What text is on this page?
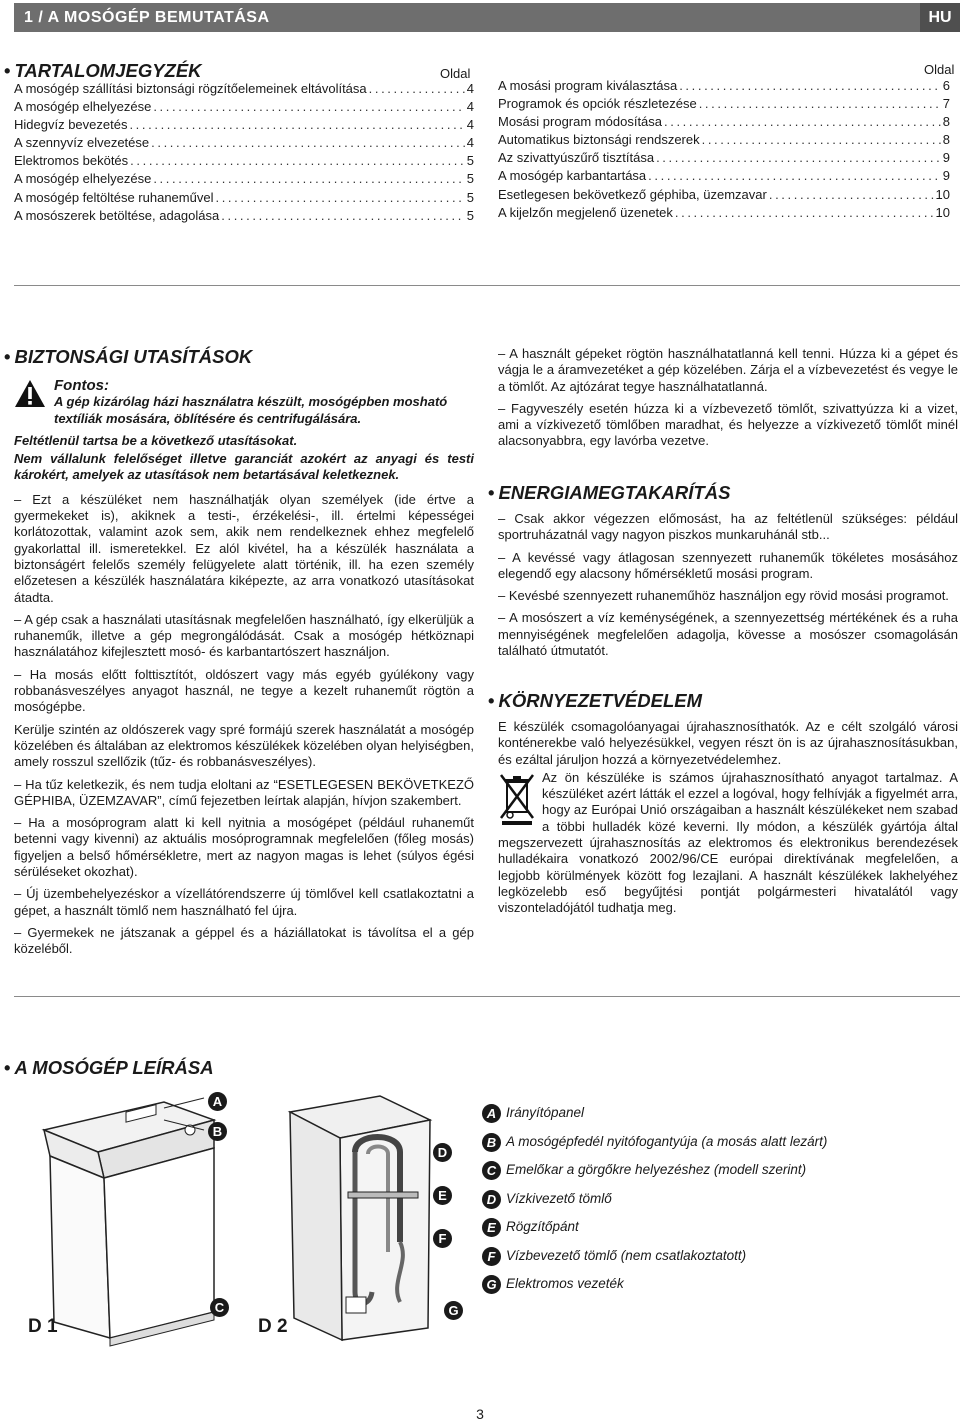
1 / A MOSÓGÉP BEMUTATÁSA	HU
• TARTALOMJEGYZÉK	Oldal	Oldal
A mosógép szállítási biztonsági rögzítőelemeinek eltávolítása . . .	4
A mosógép elhelyezése . . .	4
Hidegvíz bevezetés . . .	4
A szennyvíz elvezetése . . .	4
Elektromos bekötés . . .	5
A mosógép elhelyezése . . .	5
A mosógép feltöltése ruhaneművel . . .	5
A mosószerek betöltése, adagolása . . .	5
A mosási program kiválasztása . . .	6
Programok és opciók részletezése . . .	7
Mosási program módosítása . . .	8
Automatikus biztonsági rendszerek . . .	8
Az szivattyúszűrő tisztítása . . .	9
A mosógép karbantartása . . .	9
Esetlegesen bekövetkező géphiba, üzemzavar . . .	10
A kijelzőn megjelenő üzenetek . . .	10
• BIZTONSÁGI UTASÍTÁSOK
Fontos:

A gép kizárólag házi használatra készült, mosógépben mosható textíliák mosására, öblítésére és centrifugálására.

Feltétlenül tartsa be a következő utasításokat.

Nem vállalunk felelőséget illetve garanciát azokért az anyagi és testi károkért, amelyek az utasítások nem betartásával keletkeznek.

– Ezt a készüléket nem használhatják olyan személyek (ide értve a gyermekeket is), akiknek a testi-, érzékelési-, ill. értelmi képességei korlátozottak, valamint azok sem, akik nem rendelkeznek ehhez megfelelő gyakorlattal ill. ismeretekkel. Ez alól kivétel, ha a készülék használata a biztonságért felelős személy felügyelete alatt történik, ill. ha ezen személy előzetesen a készülék használatára kiképezte, az arra vonatkozó utasításokat átadta.

– A gép csak a használati utasításnak megfelelően használható, így elkerüljük a ruhaneműk, illetve a gép megrongálódását. Csak a mosógép hétköznapi használatához kifejlesztett mosó- és karbantartószert használjon.

– Ha mosás előtt folttisztítót, oldószert vagy más egyéb gyúlékony vagy robbanásveszélyes anyagot használ, ne tegye a kezelt ruhaneműt rögtön a mosógépbe.

Kerülje szintén az oldószerek vagy spré formájú szerek használatát a mosógép közelében és általában az elektromos készülékek közelében olyan helyiségben, amely rosszul szellőzik (tűz- és robbanásveszélyes).

– Ha tűz keletkezik, és nem tudja eloltani az “ESETLEGESEN BEKÖVETKEZŐ GÉPHIBA, ÜZEMZAVAR”, című fejezetben leírtak alapján, hívjon szakembert.

– Ha a mosóprogram alatt ki kell nyitnia a mosógépet (például ruhaneműt betenni vagy kivenni) az aktuális mosóprogramnak megfelelően (főleg mosás) figyeljen a belső hőmérsékletre, mert az nagyon magas is lehet (súlyos égési sérüléseket okozhat).

– Új üzembehelyezéskor a vízellátórendszerre új tömlővel kell csatlakoztatni a gépet, a használt tömlő nem használható fel újra.

– Gyermekek ne játszanak a géppel és a háziállatokat is távolítsa el a gép közeléből.

– A használt gépeket rögtön használhatatlanná kell tenni. Húzza ki a gépet és vágja le a áramvezetéket a gép közelében. Zárja el a vízbevezetést és vegye le a tömlőt. Az ajtózárat tegye használhatatlanná.

– Fagyveszély esetén húzza ki a vízbevezető tömlőt, szivattyúzza ki a vizet, ami a vízkivezető tömlőben maradhat, és helyezze a vízkivezető tömlőt minél alacsonyabbra, egy lavórba vezetve.

• ENERGIAMEGTAKARÍTÁS

– Csak akkor végezzen előmosást, ha az feltétlenül szükséges: például sportruházatnál vagy nagyon piszkos munkaruhánál stb...

– A kevéssé vagy átlagosan szennyezett ruhaneműk tökéletes mosásához elegendő egy alacsony hőmérsékletű mosási program.

– Kevésbé szennyezett ruhaneműhöz használjon egy rövid mosási programot.

– A mosószert a víz keménységének, a szennyezettség mértékének és a ruha mennyiségének megfelelően adagolja, kövesse a mosószer csomagolásán található útmutatót.

• KÖRNYEZETVÉDELEM

E készülék csomagolóanyagai újrahasznosíthatók. Az e célt szolgáló városi konténerekbe való helyezésükkel, vegyen részt ön is az újrahasznosításukban, és ezáltal járuljon hozzá a környezetvédelemhez.

Az ön készüléke is számos újrahasznosítható anyagot tartalmaz. A készüléket azért látták el ezzel a logóval, hogy felhívják a figyelmét arra, hogy az Európai Unió országaiban a használt készülékeket nem szabad a többi hulladék közé keverni. Ily módon, a készülék gyártója által megszervezett újrahasznosítás az elektromos és elektronikus berendezések hulladékaira vonatkozó 2002/96/CE európai direktívának megfelelően, a legjobb körülmények között fog lezajlani. A használt készülékek lakhelyéhez legközelebb eső begyűjtési pontját polgármesteri hivatalától vagy viszonteladójától tudhatja meg.

• A MOSÓGÉP LEÍRÁSA
A
B
C
D 1
D
E
F
G
D 2
A Irányítópanel
B A mosógépfedél nyitófogantyúja (a mosás alatt lezárt)
C Emelőkar a görgőkre helyezéshez (modell szerint)
D Vízkivezető tömlő
E Rögzítőpánt
F Vízbevezető tömlő (nem csatlakoztatott)
G Elektromos vezeték
3
